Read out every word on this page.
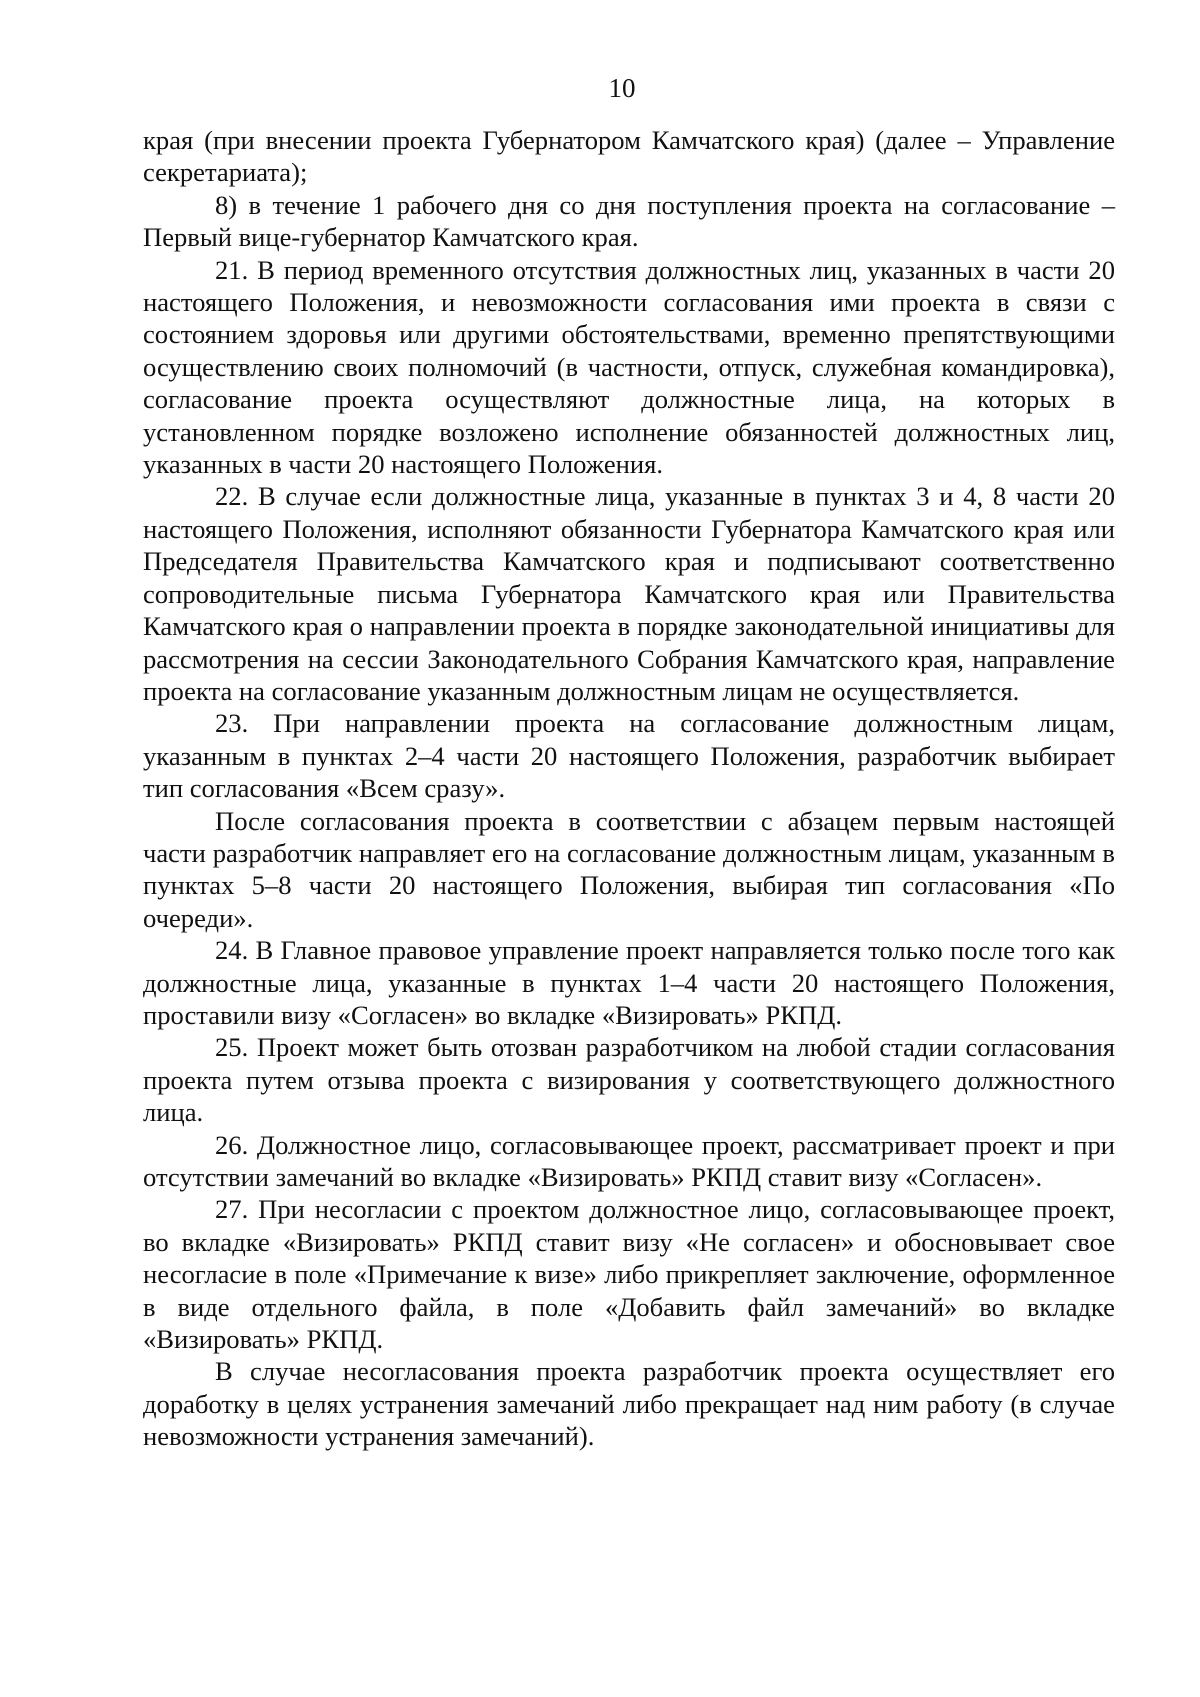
10

края (при внесении проекта Губернатором Камчатского края) (далее – Управление секретариата);

8) в течение 1 рабочего дня со дня поступления проекта на согласование – Первый вице-губернатор Камчатского края.

21. В период временного отсутствия должностных лиц, указанных в части 20 настоящего Положения, и невозможности согласования ими проекта в связи с состоянием здоровья или другими обстоятельствами, временно препятствующими осуществлению своих полномочий (в частности, отпуск, служебная командировка), согласование проекта осуществляют должностные лица, на которых в установленном порядке возложено исполнение обязанностей должностных лиц, указанных в части 20 настоящего Положения.

22. В случае если должностные лица, указанные в пунктах 3 и 4, 8 части 20 настоящего Положения, исполняют обязанности Губернатора Камчатского края или Председателя Правительства Камчатского края и подписывают соответственно сопроводительные письма Губернатора Камчатского края или Правительства Камчатского края о направлении проекта в порядке законодательной инициативы для рассмотрения на сессии Законодательного Собрания Камчатского края, направление проекта на согласование указанным должностным лицам не осуществляется.

23. При направлении проекта на согласование должностным лицам, указанным в пунктах 2–4 части 20 настоящего Положения, разработчик выбирает тип согласования «Всем сразу».

После согласования проекта в соответствии с абзацем первым настоящей части разработчик направляет его на согласование должностным лицам, указанным в пунктах 5–8 части 20 настоящего Положения, выбирая тип согласования «По очереди».

24. В Главное правовое управление проект направляется только после того как должностные лица, указанные в пунктах 1–4 части 20 настоящего Положения, проставили визу «Согласен» во вкладке «Визировать» РКПД.

25. Проект может быть отозван разработчиком на любой стадии согласования проекта путем отзыва проекта с визирования у соответствующего должностного лица.

26. Должностное лицо, согласовывающее проект, рассматривает проект и при отсутствии замечаний во вкладке «Визировать» РКПД ставит визу «Согласен».

27. При несогласии с проектом должностное лицо, согласовывающее проект, во вкладке «Визировать» РКПД ставит визу «Не согласен» и обосновывает свое несогласие в поле «Примечание к визе» либо прикрепляет заключение, оформленное в виде отдельного файла, в поле «Добавить файл замечаний» во вкладке «Визировать» РКПД.

В случае несогласования проекта разработчик проекта осуществляет его доработку в целях устранения замечаний либо прекращает над ним работу (в случае невозможности устранения замечаний).
